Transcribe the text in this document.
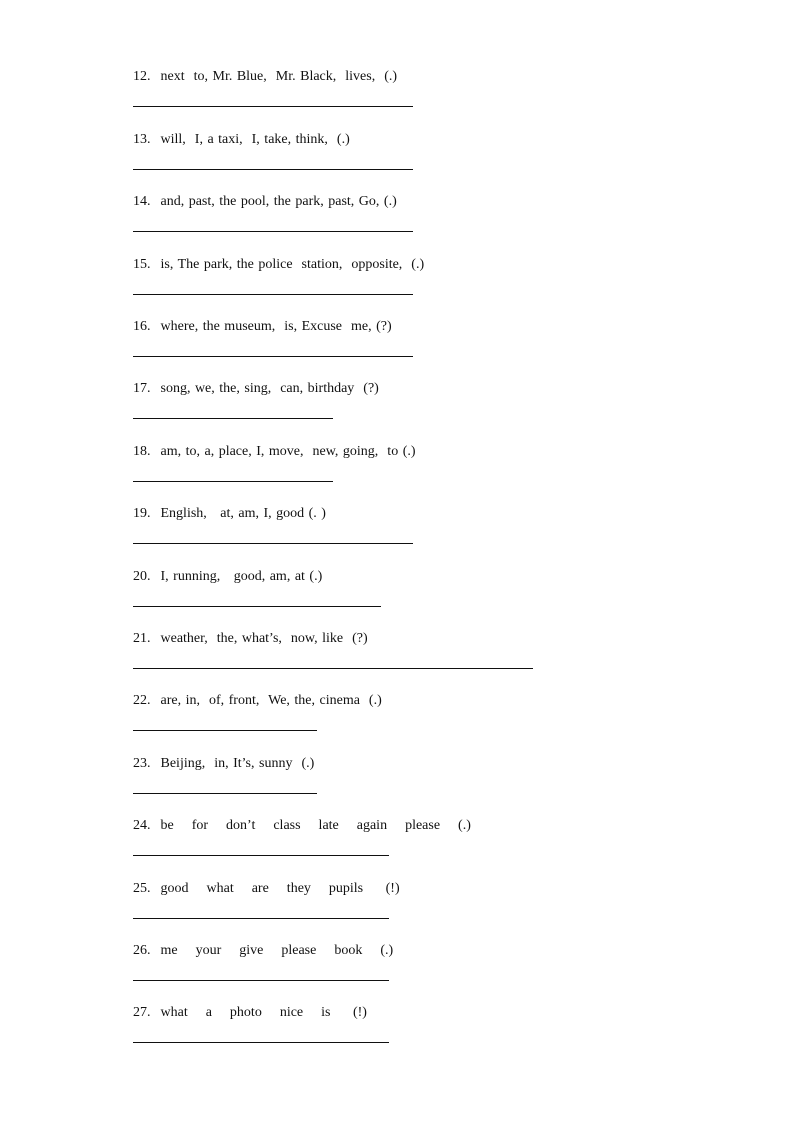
12. next  to, Mr. Blue,  Mr. Black,  lives,  (.)
13. will,  I, a taxi,  I, take, think,  (.)
14. and, past, the pool, the park, past, Go, (.)
15. is, The park, the police  station,  opposite,  (.)
16. where, the museum,  is, Excuse  me, (?)
17. song, we, the, sing,  can, birthday  (?)
18. am, to, a, place, I, move,  new, going,  to (.)
19. English,   at, am, I, good (. )
20. I, running,   good, am, at (.)
21. weather,  the, what’s,  now, like  (?)
22. are, in,  of, front,  We, the, cinema  (.)
23. Beijing,  in, It’s, sunny  (.)
24. be    for    don’t    class    late    again    please    (.)
25. good    what    are    they    pupils     (!)
26. me    your    give    please    book    (.)
27. what    a    photo    nice    is     (!)
